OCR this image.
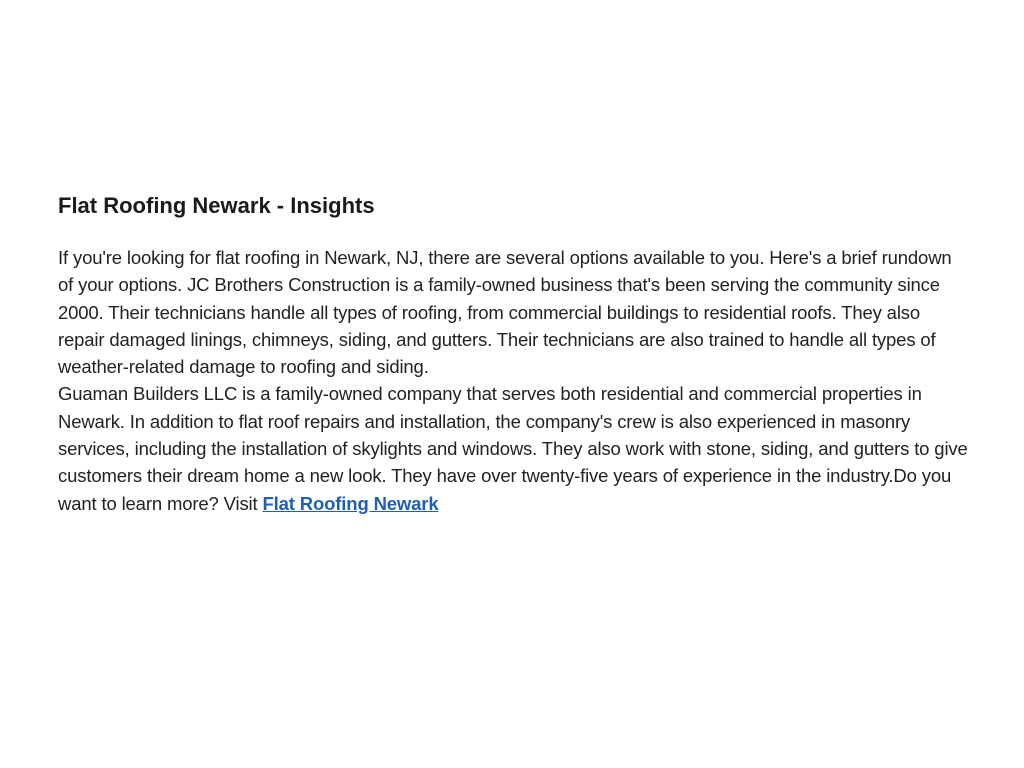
Flat Roofing Newark - Insights

If you're looking for flat roofing in Newark, NJ, there are several options available to you. Here's a brief rundown of your options. JC Brothers Construction is a family-owned business that's been serving the community since 2000. Their technicians handle all types of roofing, from commercial buildings to residential roofs. They also repair damaged linings, chimneys, siding, and gutters. Their technicians are also trained to handle all types of weather-related damage to roofing and siding.

Guaman Builders LLC is a family-owned company that serves both residential and commercial properties in Newark. In addition to flat roof repairs and installation, the company's crew is also experienced in masonry services, including the installation of skylights and windows. They also work with stone, siding, and gutters to give customers their dream home a new look. They have over twenty-five years of experience in the industry.Do you want to learn more? Visit Flat Roofing Newark
